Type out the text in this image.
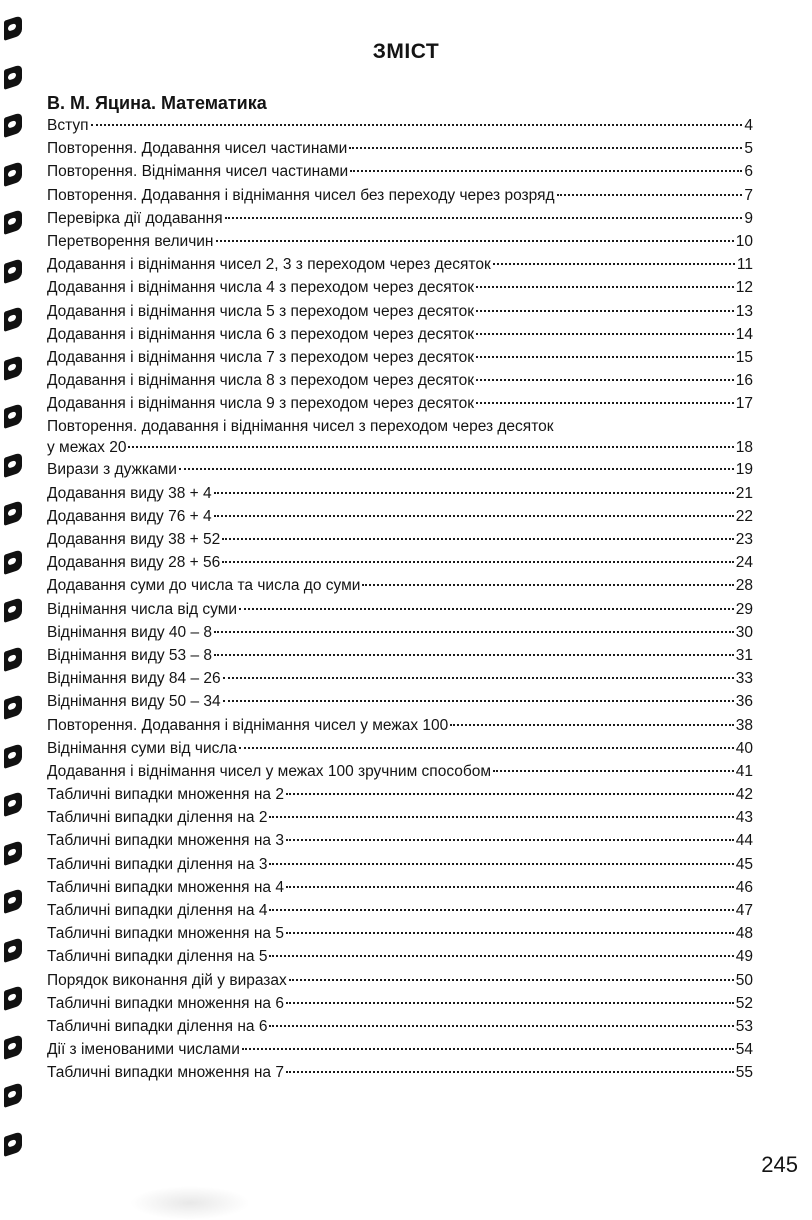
ЗМІСТ
В. М. Яцина. Математика
Вступ	4
Повторення. Додавання чисел частинами	5
Повторення. Віднімання чисел частинами	6
Повторення. Додавання і віднімання чисел без переходу через розряд	7
Перевірка дії додавання	9
Перетворення величин	10
Додавання і віднімання чисел 2, 3 з переходом через десяток	11
Додавання і віднімання числа 4 з переходом через десяток	12
Додавання і віднімання числа 5 з переходом через десяток	13
Додавання і віднімання числа 6 з переходом через десяток	14
Додавання і віднімання числа 7 з переходом через десяток	15
Додавання і віднімання числа 8 з переходом через десяток	16
Додавання і віднімання числа 9 з переходом через десяток	17
Повторення. додавання і віднімання чисел з переходом через десяток
у межах 20	18
Вирази з дужками	19
Додавання виду 38 + 4	21
Додавання виду 76 + 4	22
Додавання виду 38 + 52	23
Додавання виду 28 + 56	24
Додавання суми до числа та числа до суми	28
Віднімання числа від суми	29
Віднімання виду 40 – 8	30
Віднімання виду 53 – 8	31
Віднімання виду 84 – 26	33
Віднімання виду 50 – 34	36
Повторення. Додавання і віднімання чисел у межах 100	38
Віднімання суми від числа	40
Додавання і віднімання чисел у межах 100 зручним способом	41
Табличні випадки множення на 2	42
Табличні випадки ділення на 2	43
Табличні випадки множення на 3	44
Табличні випадки ділення на 3	45
Табличні випадки множення на 4	46
Табличні випадки ділення на 4	47
Табличні випадки множення на 5	48
Табличні випадки ділення на 5	49
Порядок виконання дій у виразах	50
Табличні випадки множення на 6	52
Табличні випадки ділення на 6	53
Дії з іменованими числами	54
Табличні випадки множення на 7	55
245
